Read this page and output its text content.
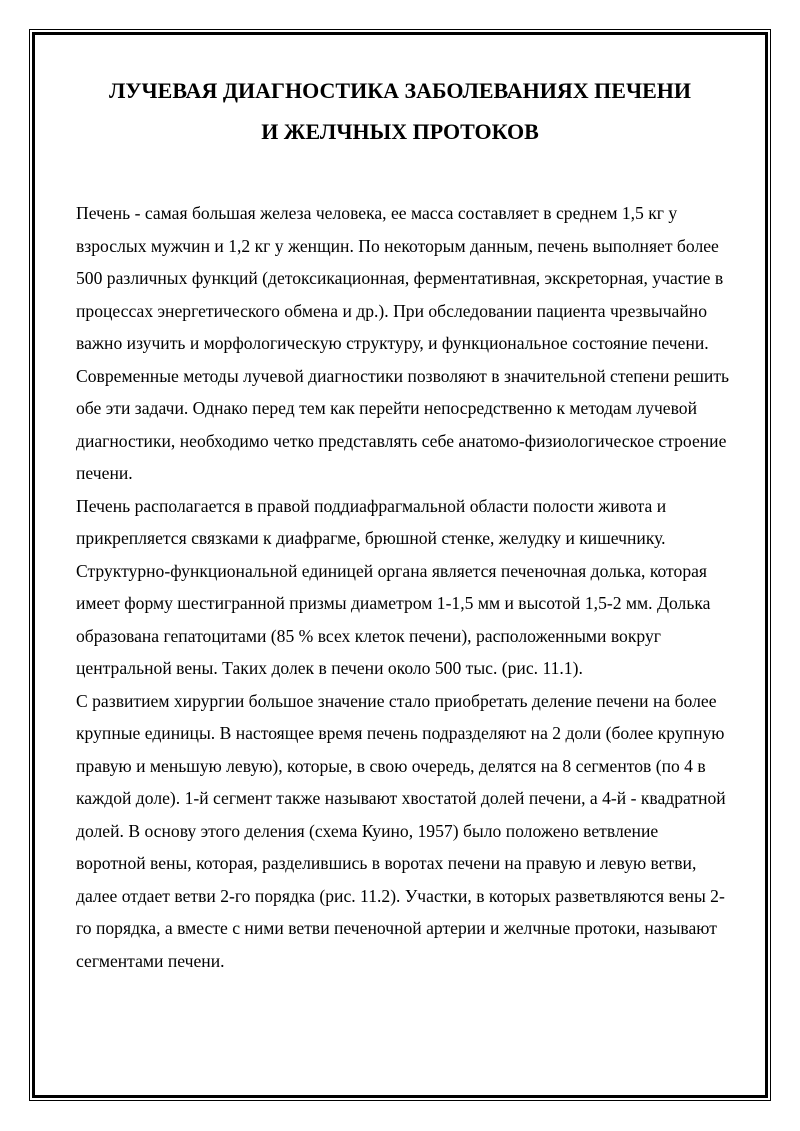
ЛУЧЕВАЯ ДИАГНОСТИКА ЗАБОЛЕВАНИЯХ ПЕЧЕНИ
И ЖЕЛЧНЫХ ПРОТОКОВ

Печень - самая большая железа человека, ее масса составляет в среднем 1,5 кг у взрослых мужчин и 1,2 кг у женщин. По некоторым данным, печень выполняет более 500 различных функций (детоксикационная, ферментативная, экскреторная, участие в процессах энергетического обмена и др.). При обследовании пациента чрезвычайно важно изучить и морфологическую структуру, и функциональное состояние печени. Современные методы лучевой диагностики позволяют в значительной степени решить обе эти задачи. Однако перед тем как перейти непосредственно к методам лучевой диагностики, необходимо четко представлять себе анатомо-физиологическое строение печени.

Печень располагается в правой поддиафрагмальной области полости живота и прикрепляется связками к диафрагме, брюшной стенке, желудку и кишечнику. Структурно-функциональной единицей органа является печеночная долька, которая имеет форму шестигранной призмы диаметром 1-1,5 мм и высотой 1,5-2 мм. Долька образована гепатоцитами (85 % всех клеток печени), расположенными вокруг центральной вены. Таких долек в печени около 500 тыс. (рис. 11.1).

С развитием хирургии большое значение стало приобретать деление печени на более крупные единицы. В настоящее время печень подразделяют на 2 доли (более крупную правую и меньшую левую), которые, в свою очередь, делятся на 8 сегментов (по 4 в каждой доле). 1-й сегмент также называют хвостатой долей печени, а 4-й - квадратной долей. В основу этого деления (схема Куино, 1957) было положено ветвление воротной вены, которая, разделившись в воротах печени на правую и левую ветви, далее отдает ветви 2-го порядка (рис. 11.2). Участки, в которых разветвляются вены 2-го порядка, а вместе с ними ветви печеночной артерии и желчные протоки, называют сегментами печени.
